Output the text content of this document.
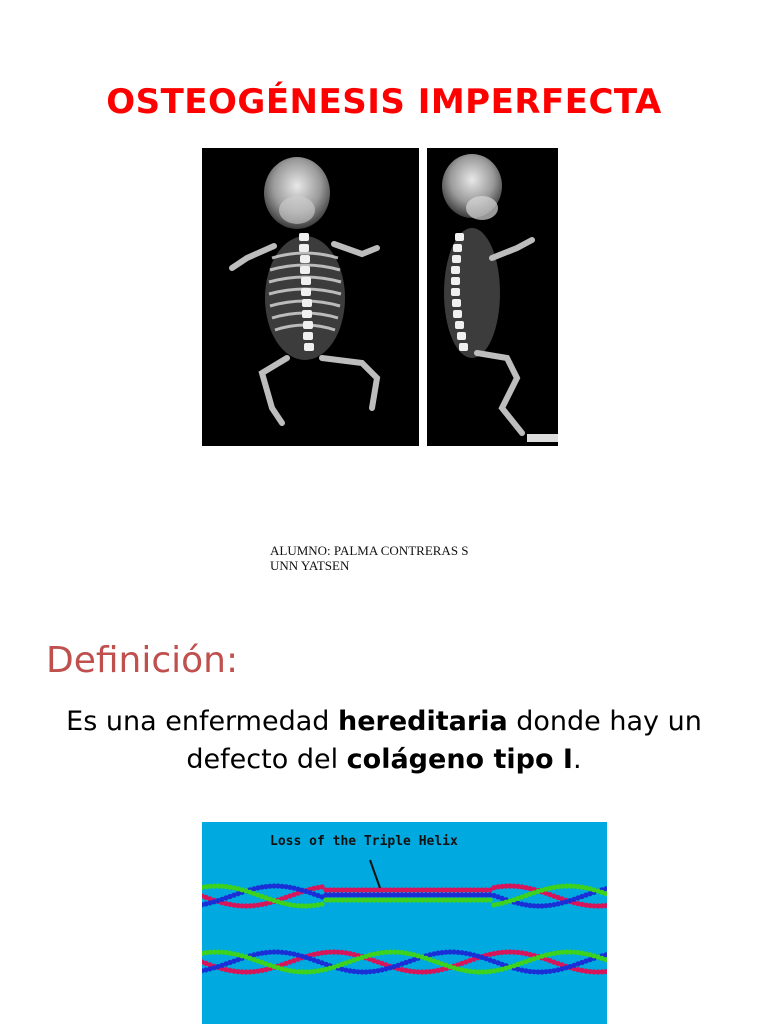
OSTEOGÉNESIS IMPERFECTA
ALUMNO: PALMA CONTRERAS S
UNN YATSEN
Definición:
Es una enfermedad hereditaria donde hay un defecto del colágeno tipo I.
Loss of the Triple Helix
